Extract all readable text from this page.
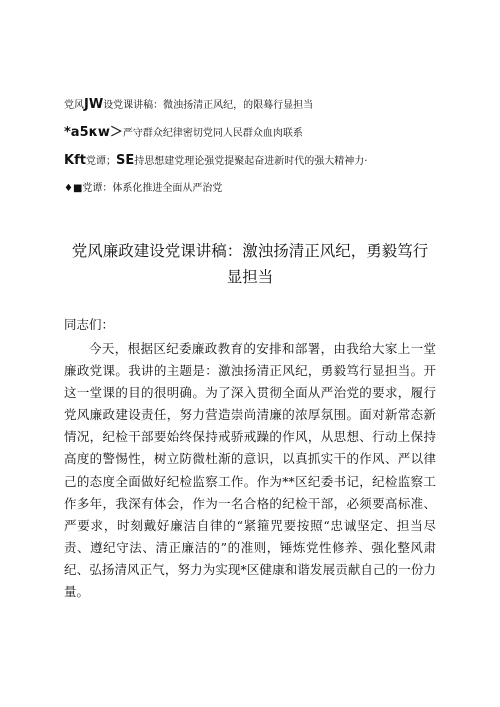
党风JW设党课讲稿：微浊扬清正风纪，的限蓦行显担当
*a5κw＞严守群众纪律密切党同人民群众血肉联系
Kft党谭；SE持思想建党理论强党提聚起奋进新时代的强大精神力·
♦■党谭：体系化推进全面从严治党
党风廉政建设党课讲稿：激浊扬清正风纪，勇毅笃行显担当
同志们：

今天，根据区纪委廉政教育的安排和部署，由我给大家上一堂廉政党课。我讲的主题是：激浊扬清正风纪，勇毅笃行显担当。开这一堂课的目的很明确。为了深入贯彻全面从严治党的要求，履行党风廉政建设责任，努力营造崇尚清廉的浓厚氛围。面对新常态新情况，纪检干部要始终保持戒骄戒躁的作风，从思想、行动上保持高度的警惕性，树立防微杜渐的意识，以真抓实干的作风、严以律己的态度全面做好纪检监察工作。作为**区纪委书记，纪检监察工作多年，我深有体会，作为一名合格的纪检干部，必须要高标准、严要求，时刻戴好廉洁自律的“紧箍咒要按照“忠诚坚定、担当尽责、遵纪守法、清正廉洁的”的准则，锤炼党性修养、强化整风肃纪、弘扬清风正气，努力为实现*区健康和谐发展贡献自己的一份力量。
